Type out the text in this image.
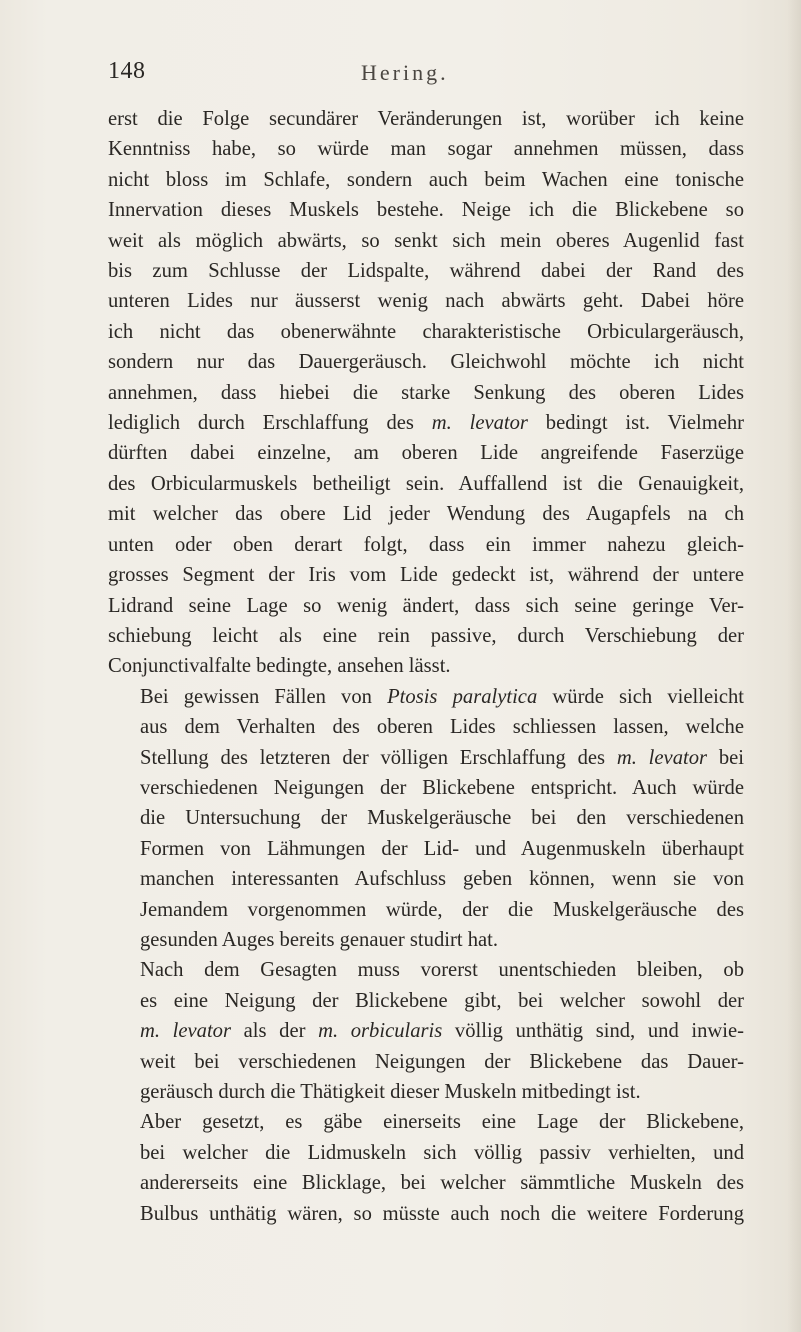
148	Hering.

erst die Folge secundärer Veränderungen ist, worüber ich keine
Kenntniss habe, so würde man sogar annehmen müssen, dass
nicht bloss im Schlafe, sondern auch beim Wachen eine tonische
Innervation dieses Muskels bestehe. Neige ich die Blickebene so
weit als möglich abwärts, so senkt sich mein oberes Augenlid fast
bis zum Schlusse der Lidspalte, während dabei der Rand des
unteren Lides nur äusserst wenig nach abwärts geht. Dabei höre
ich nicht das obenerwähnte charakteristische Orbiculargeräusch,
sondern nur das Dauergeräusch. Gleichwohl möchte ich nicht
annehmen, dass hiebei die starke Senkung des oberen Lides
lediglich durch Erschlaffung des m. levator bedingt ist. Vielmehr
dürften dabei einzelne, am oberen Lide angreifende Faserzüge
des Orbicularmuskels betheiligt sein. Auffallend ist die Genauigkeit,
mit welcher das obere Lid jeder Wendung des Augapfels na ch
unten oder oben derart folgt, dass ein immer nahezu gleich-
grosses Segment der Iris vom Lide gedeckt ist, während der untere
Lidrand seine Lage so wenig ändert, dass sich seine geringe Ver-
schiebung leicht als eine rein passive, durch Verschiebung der
Conjunctivalfalte bedingte, ansehen lässt.

Bei gewissen Fällen von Ptosis paralytica würde sich vielleicht
aus dem Verhalten des oberen Lides schliessen lassen, welche
Stellung des letzteren der völligen Erschlaffung des m. levator bei
verschiedenen Neigungen der Blickebene entspricht. Auch würde
die Untersuchung der Muskelgeräusche bei den verschiedenen
Formen von Lähmungen der Lid- und Augenmuskeln überhaupt
manchen interessanten Aufschluss geben können, wenn sie von
Jemandem vorgenommen würde, der die Muskelgeräusche des
gesunden Auges bereits genauer studirt hat.

Nach dem Gesagten muss vorerst unentschieden bleiben, ob
es eine Neigung der Blickebene gibt, bei welcher sowohl der
m. levator als der m. orbicularis völlig unthätig sind, und inwie-
weit bei verschiedenen Neigungen der Blickebene das Dauer-
geräusch durch die Thätigkeit dieser Muskeln mitbedingt ist.

Aber gesetzt, es gäbe einerseits eine Lage der Blickebene,
bei welcher die Lidmuskeln sich völlig passiv verhielten, und
andererseits eine Blicklage, bei welcher sämmtliche Muskeln des
Bulbus unthätig wären, so müsste auch noch die weitere Forderung
